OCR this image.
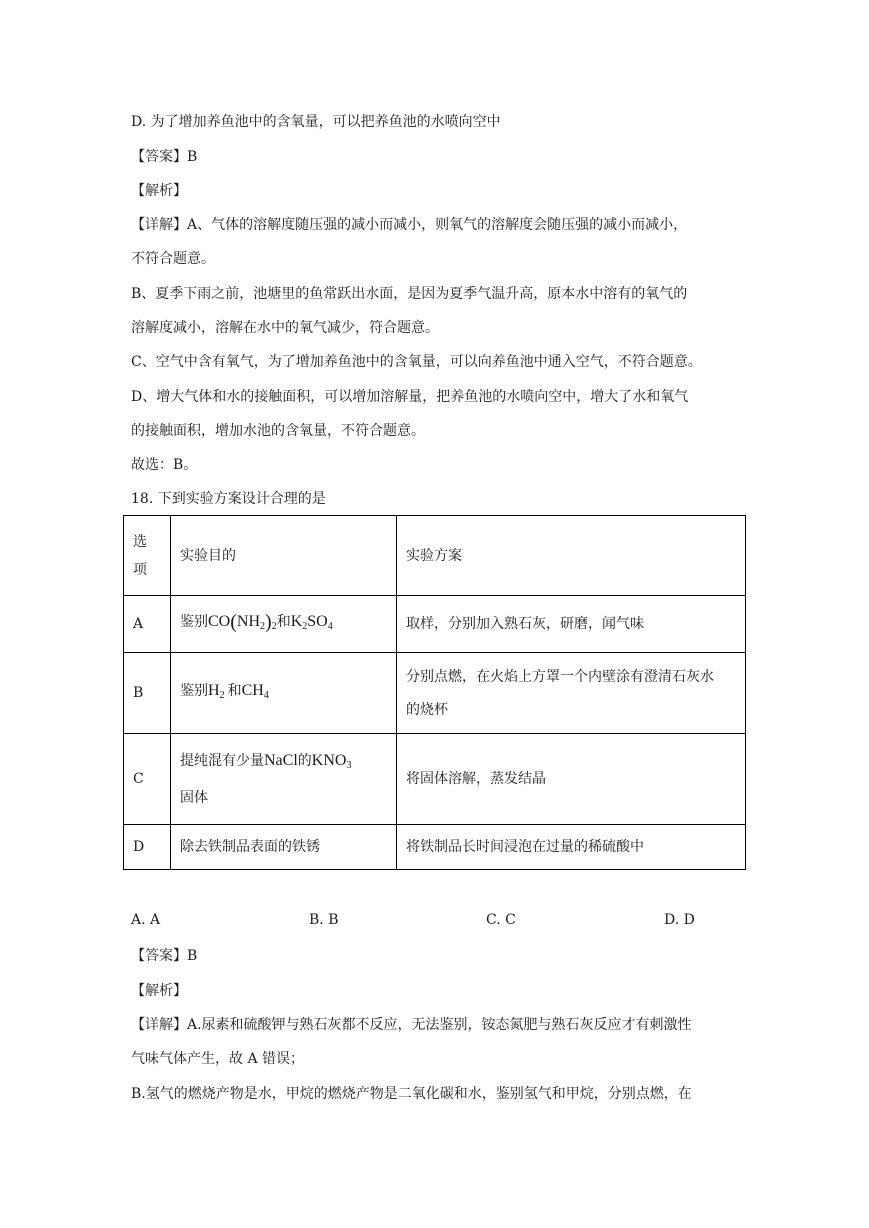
D. 为了增加养鱼池中的含氧量，可以把养鱼池的水喷向空中
【答案】B
【解析】
【详解】A、气体的溶解度随压强的减小而减小，则氧气的溶解度会随压强的减小而减小，
不符合题意。
B、夏季下雨之前，池塘里的鱼常跃出水面，是因为夏季气温升高，原本水中溶有的氧气的
溶解度减小，溶解在水中的氧气减少，符合题意。
C、空气中含有氧气，为了增加养鱼池中的含氧量，可以向养鱼池中通入空气，不符合题意。
D、增大气体和水的接触面积，可以增加溶解量，把养鱼池的水喷向空中，增大了水和氧气
的接触面积，增加水池的含氧量，不符合题意。
故选：B。
18. 下到实验方案设计合理的是
选
项	实验目的	实验方案
A	鉴别$CO(NH_2)_2$和$K_2SO_4$	取样，分别加入熟石灰，研磨，闻气味
B	鉴别$H_2$ 和$CH_4$	分别点燃，在火焰上方罩一个内壁涂有澄清石灰水
的烧杯

C	提纯混有少量NaCl的$KNO_3$
固体	将固体溶解，蒸发结晶
D	除去铁制品表面的铁锈	将铁制品长时间浸泡在过量的稀硫酸中
A. A	B. B	C. C	D. D
【答案】B
【解析】
【详解】A.尿素和硫酸钾与熟石灰都不反应，无法鉴别，铵态氮肥与熟石灰反应才有刺激性
气味气体产生，故 A 错误；
B.氢气的燃烧产物是水，甲烷的燃烧产物是二氧化碳和水，鉴别氢气和甲烷，分别点燃，在
